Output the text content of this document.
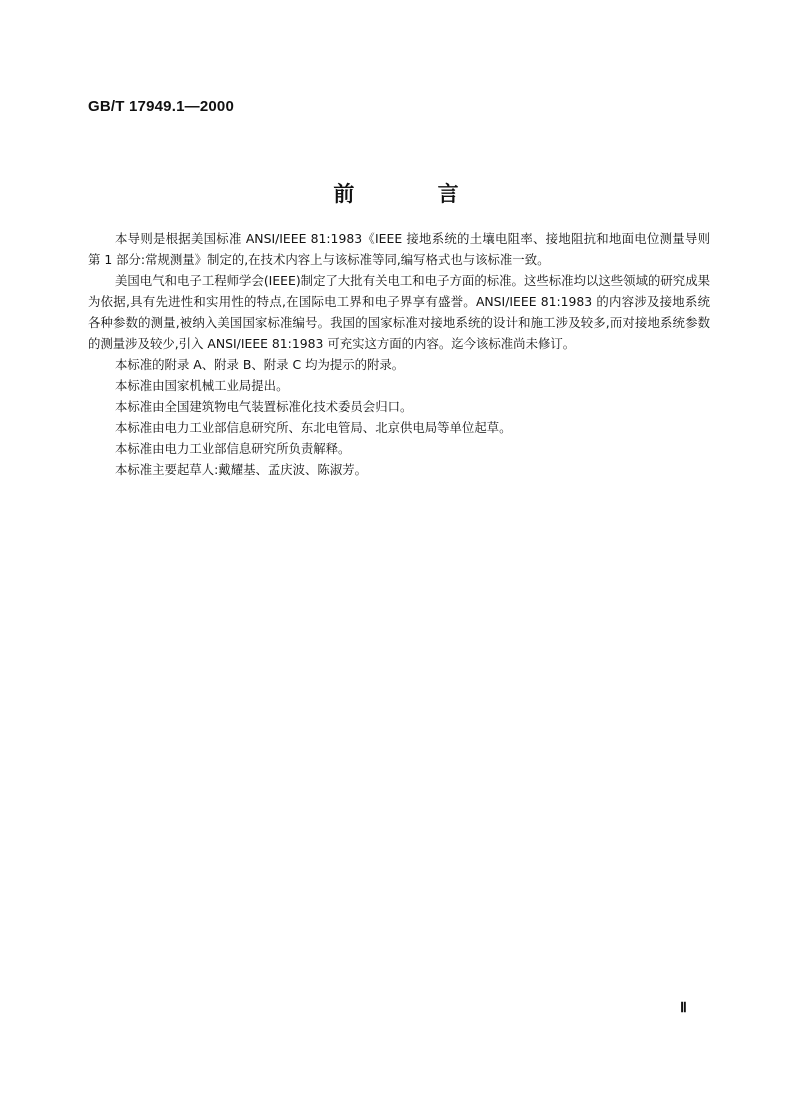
GB/T 17949.1—2000
前 言

本导则是根据美国标准 ANSI/IEEE 81:1983《IEEE 接地系统的土壤电阻率、接地阻抗和地面电位测量导则 第 1 部分:常规测量》制定的,在技术内容上与该标准等同,编写格式也与该标准一致。

美国电气和电子工程师学会(IEEE)制定了大批有关电工和电子方面的标准。这些标准均以这些领域的研究成果为依据,具有先进性和实用性的特点,在国际电工界和电子界享有盛誉。ANSI/IEEE 81:1983 的内容涉及接地系统各种参数的测量,被纳入美国国家标准编号。我国的国家标准对接地系统的设计和施工涉及较多,而对接地系统参数的测量涉及较少,引入 ANSI/IEEE 81:1983 可充实这方面的内容。迄今该标准尚未修订。

本标准的附录 A、附录 B、附录 C 均为提示的附录。

本标准由国家机械工业局提出。

本标准由全国建筑物电气装置标准化技术委员会归口。

本标准由电力工业部信息研究所、东北电管局、北京供电局等单位起草。

本标准由电力工业部信息研究所负责解释。

本标准主要起草人:戴耀基、孟庆波、陈淑芳。

Ⅱ
